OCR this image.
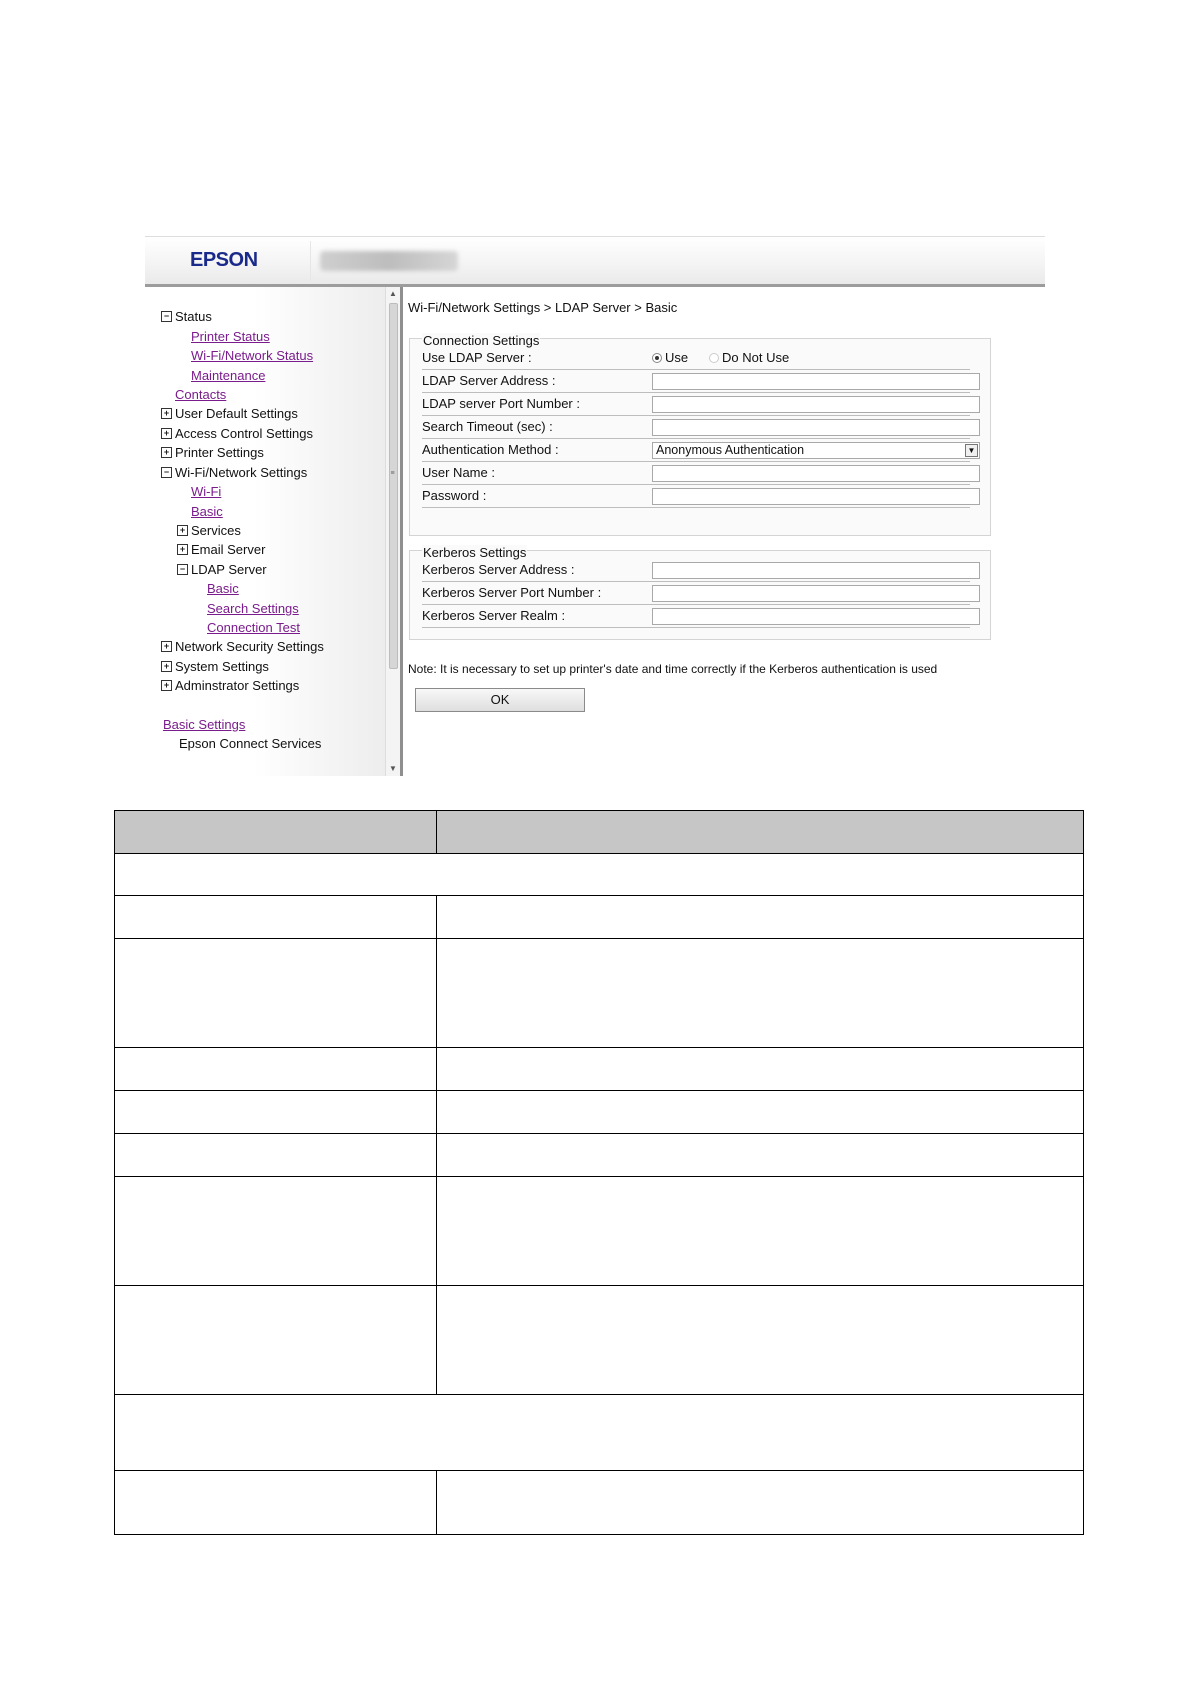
EPSON
− Status
Printer Status
Wi-Fi/Network Status
Maintenance
Contacts
+ User Default Settings
+ Access Control Settings
+ Printer Settings
− Wi-Fi/Network Settings
Wi-Fi
Basic
+ Services
+ Email Server
− LDAP Server
Basic
Search Settings
Connection Test
+ Network Security Settings
+ System Settings
+ Adminstrator Settings
Basic Settings
Epson Connect Services
▲
≡
▼
Wi-Fi/Network Settings > LDAP Server > Basic
Connection Settings
Use LDAP Server :	Use	Do Not Use
LDAP Server Address :
LDAP server Port Number :
Search Timeout (sec) :
Authentication Method :	Anonymous Authentication	▼
User Name :
Password :
Kerberos Settings
Kerberos Server Address :
Kerberos Server Port Number :
Kerberos Server Realm :
Note: It is necessary to set up printer's date and time correctly if the Kerberos authentication is used
OK
